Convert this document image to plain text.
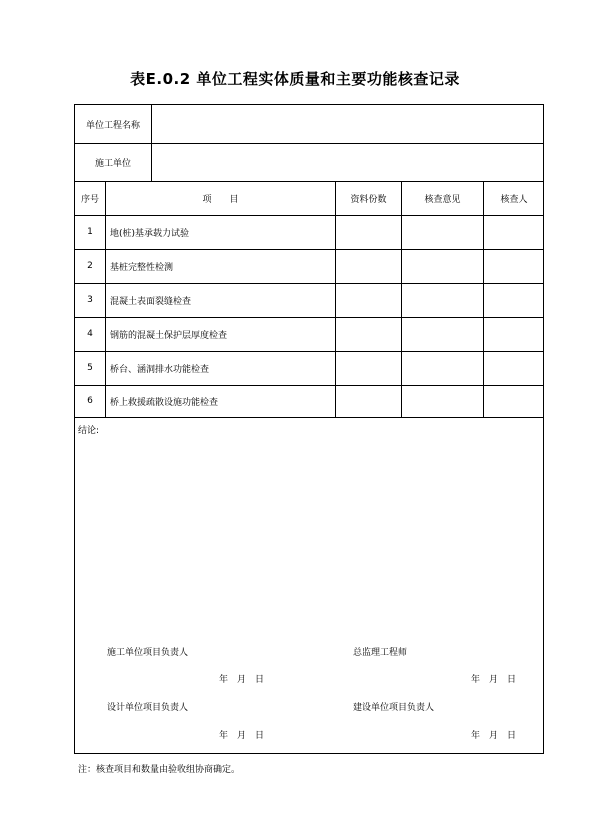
表E.0.2 单位工程实体质量和主要功能核查记录
单位工程名称
施工单位
序号	项　　目	资料份数	核查意见	核查人
1	地(桩)基承载力试验
2	基桩完整性检测
3	混凝土表面裂缝检查
4	钢筋的混凝土保护层厚度检查
5	桥台、涵洞排水功能检查
6	桥上救援疏散设施功能检查
结论:
施工单位项目负责人	总监理工程师
年　月　日	年　月　日
设计单位项目负责人	建设单位项目负责人
年　月　日	年　月　日
注：核查项目和数量由验收组协商确定。
